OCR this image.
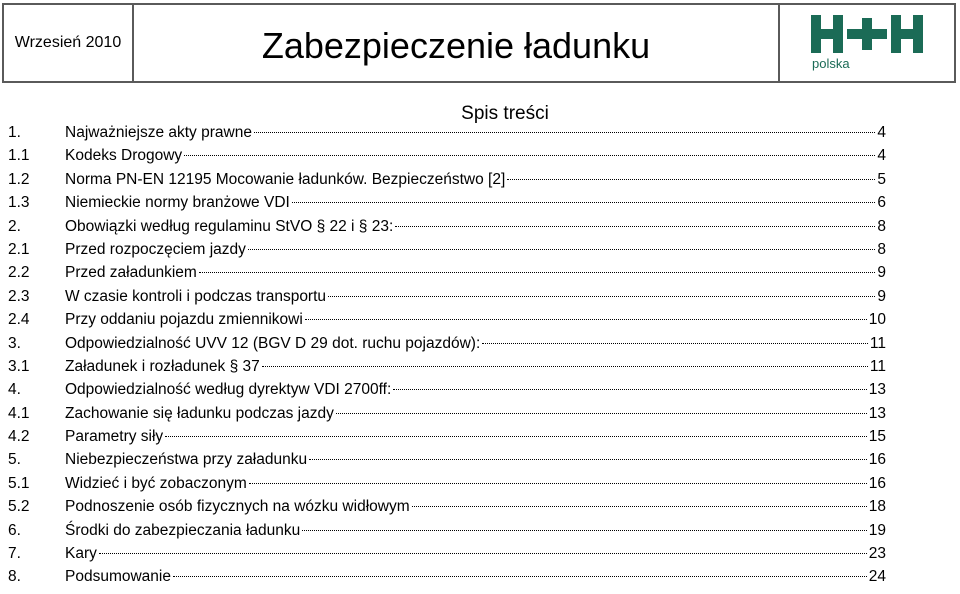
Wrzesień 2010	Zabezpieczenie ładunku	polska
Spis treści
1.	Najważniejsze akty prawne	4
1.1	Kodeks Drogowy	4
1.2	Norma PN-EN 12195 Mocowanie ładunków. Bezpieczeństwo [2]	5
1.3	Niemieckie normy branżowe VDI	6
2.	Obowiązki według regulaminu StVO § 22 i § 23:	8
2.1	Przed rozpoczęciem jazdy	8
2.2	Przed załadunkiem	9
2.3	W czasie kontroli i podczas transportu	9
2.4	Przy oddaniu pojazdu zmiennikowi	10
3.	Odpowiedzialność UVV 12 (BGV D 29 dot. ruchu pojazdów):	11
3.1	Załadunek i rozładunek § 37	11
4.	Odpowiedzialność według dyrektyw VDI 2700ff:	13
4.1	Zachowanie się ładunku podczas jazdy	13
4.2	Parametry siły	15
5.	Niebezpieczeństwa przy załadunku	16
5.1	Widzieć i być zobaczonym	16
5.2	Podnoszenie osób fizycznych na wózku widłowym	18
6.	Środki do zabezpieczania ładunku	19
7.	Kary	23
8.	Podsumowanie	24
